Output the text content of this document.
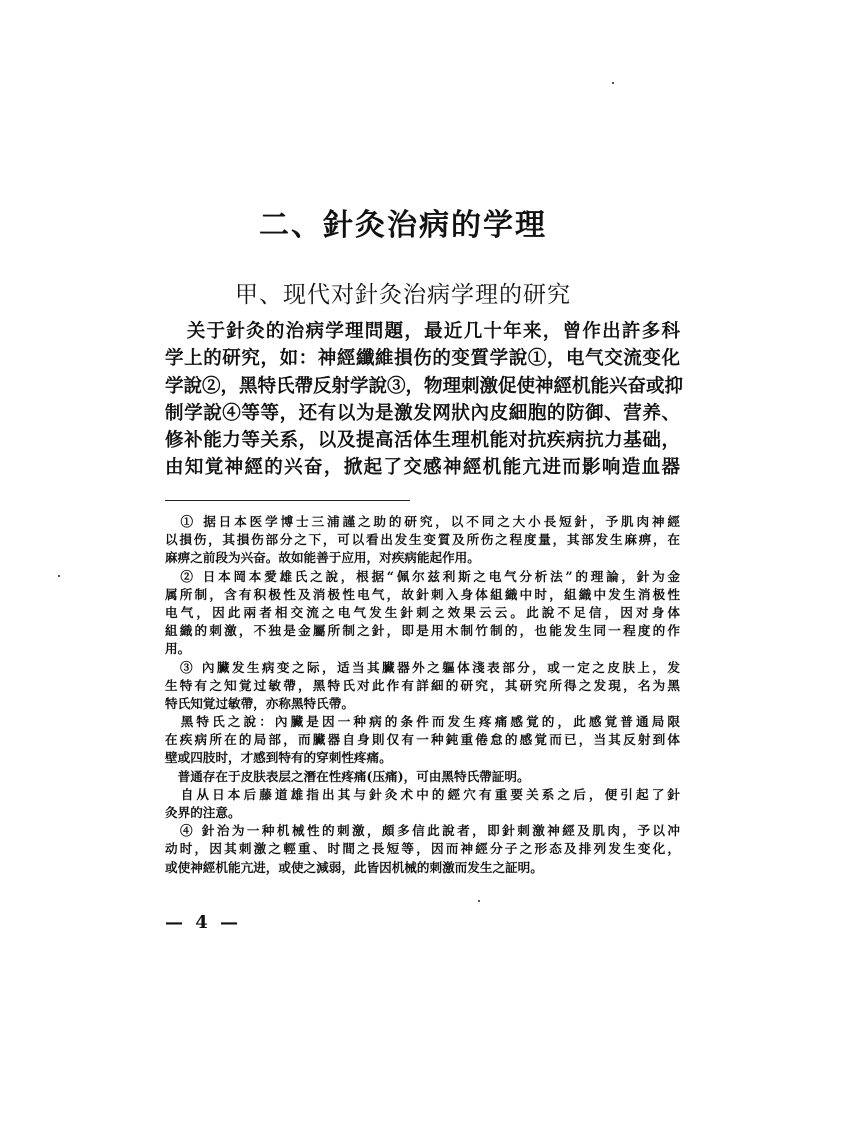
二、針灸治病的学理
甲、现代对針灸治病学理的研究
　关于針灸的治病学理問題，最近几十年来，曾作出許多科
学上的研究，如：神經纖維損伤的变質学說①，电气交流变化
学說②，黑特氏帶反射学說③，物理刺激促使神經机能兴奋或抑
制学說④等等，还有以为是激发网狀內皮細胞的防御、营养、
修补能力等关系，以及提高活体生理机能对抗疾病抗力基础，
由知覚神經的兴奋，掀起了交感神經机能亢进而影响造血器
　① 据日本医学博士三浦謹之助的研究，以不同之大小長短針，予肌肉神經
以損伤，其損伤部分之下，可以看出发生变質及所伤之程度量，其部发生麻痹，在
麻痹之前段为兴奋。故如能善于应用，对疾病能起作用。
　② 日本岡本愛雄氏之說，根据“佩尔兹利斯之电气分析法”的理論，針为金
属所制，含有积极性及消极性电气，故針刺入身体組織中时，組織中发生消极性
电气，因此兩者相交流之电气发生針刺之效果云云。此說不足信，因对身体
組織的刺激，不独是金屬所制之針，即是用木制竹制的，也能发生同一程度的作
用。
　③ 內臟发生病变之际，适当其臟器外之軀体淺表部分，或一定之皮肤上，发
生特有之知覚过敏帶，黑特氏对此作有詳細的研究，其研究所得之发現，名为黑
特氏知覚过敏帶，亦称黑特氏帶。
　黑特氏之說：內臟是因一种病的条件而发生疼痛感覚的，此感覚普通局限
在疾病所在的局部，而臟器自身則仅有一种鈍重倦怠的感覚而已，当其反射到体
壁或四肢时，才感到特有的穿刺性疼痛。
　普通存在于皮肤表层之潛在性疼痛(压痛)，可由黑特氏帶証明。
　自从日本后藤道雄指出其与針灸术中的經穴有重要关系之后，便引起了針
灸界的注意。
　④ 針治为一种机械性的刺激，頗多信此說者，即針刺激神經及肌肉，予以冲
动时，因其刺激之輕重、时間之長短等，因而神經分子之形态及排列发生变化，
或使神經机能亢进，或使之減弱，此皆因机械的刺激而发生之証明。
— 4 —
